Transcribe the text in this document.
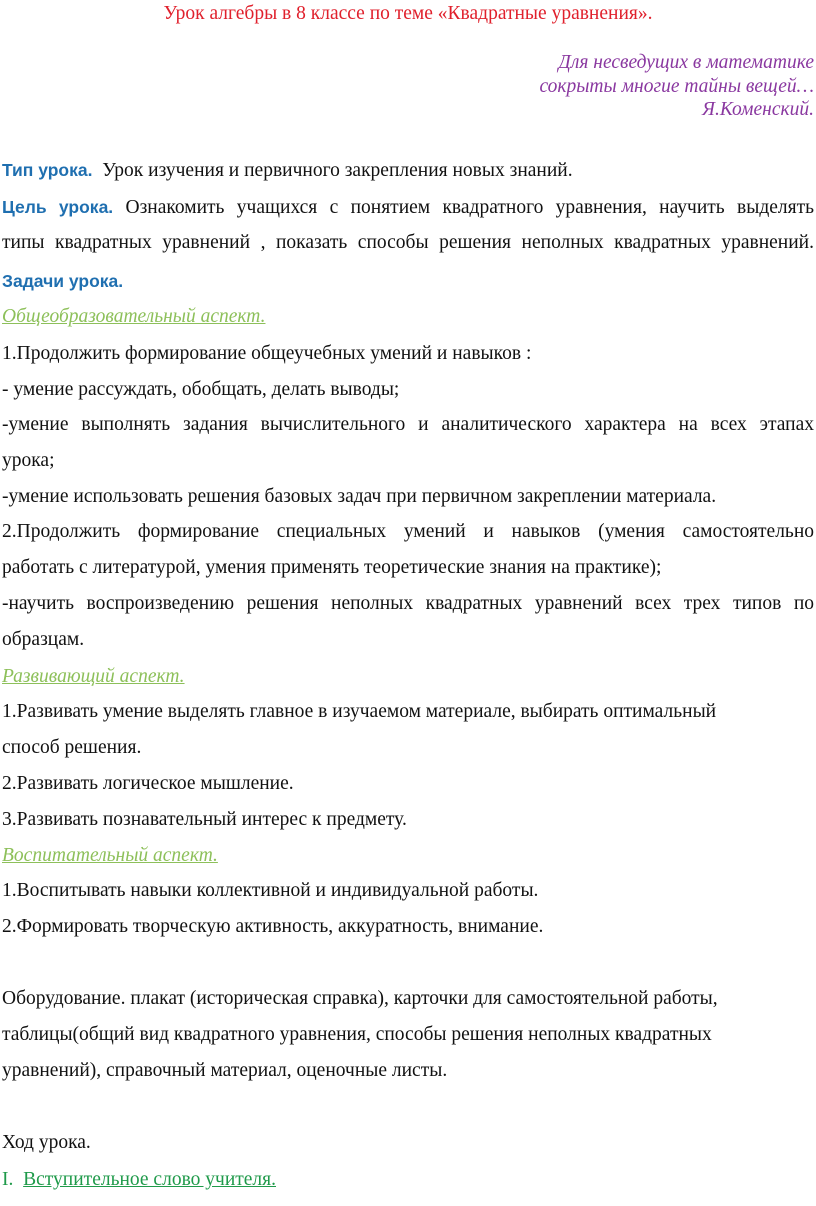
Урок алгебры в 8 классе по теме «Квадратные уравнения».
Для несведущих в математике
сокрыты многие тайны вещей…
Я.Коменский.
Тип урока. Урок изучения и первичного закрепления новых знаний.
Цель урока. Ознакомить учащихся с понятием квадратного уравнения, научить выделять
типы квадратных уравнений , показать способы решения неполных квадратных уравнений.
Задачи урока.
Общеобразовательный аспект.
1.Продолжить формирование общеучебных умений и навыков :
- умение рассуждать, обобщать, делать выводы;
-умение выполнять задания вычислительного и аналитического характера на всех этапах
урока;
-умение использовать решения базовых задач при первичном закреплении материала.
2.Продолжить формирование специальных умений и навыков (умения самостоятельно
работать с литературой, умения применять теоретические знания на практике);
-научить воспроизведению решения неполных квадратных уравнений всех трех типов по
образцам.
Развивающий аспект.
1.Развивать умение выделять главное в изучаемом материале, выбирать оптимальный
способ решения.
2.Развивать логическое мышление.
3.Развивать познавательный интерес к предмету.
Воспитательный аспект.
1.Воспитывать навыки коллективной и индивидуальной работы.
2.Формировать творческую активность, аккуратность, внимание.
Оборудование. плакат (историческая справка), карточки для самостоятельной работы,
таблицы(общий вид квадратного уравнения, способы решения неполных квадратных
уравнений), справочный материал, оценочные листы.
Ход урока.
I. Вступительное слово учителя.
